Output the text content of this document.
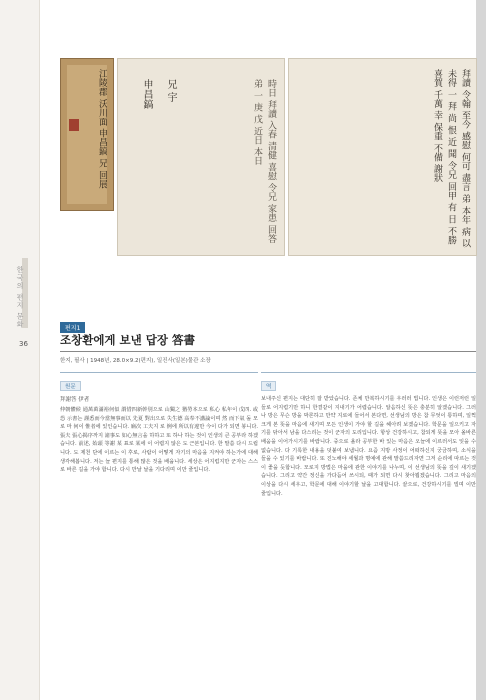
한국의 편지 문화
36
江陵郡 沃川面 申昌鎬 兄 回展	申昌鎬	兄 宇	時日 拜讀 入春 清健 喜慰 令兄 家患 回答 弟 一 庚 戊 近日 本日	拜讀 令翰 至今 感慰 何可 盡言 弟 本年 病 以 未得 一 拜 尚 恨 近 聞 令兄 回甲 有 日 不勝 喜賀 千萬 幸 保重 不備 謝狀
편지1
조창환에게 보낸 답장 答書
한지, 필사 | 1948년, 28.0×9.2(편지), 일진사(일본)물관 소장
원문
拜謝答 伊者
仲朝體候 通萬萬滿裕何似 謂惜四新幹別으로 山獨之 猶勞本으로 私心 私年이 戊四. 或恐 示書는 謹悉而今當無事而以 先夏 對出으로 失生德 高奉不講論이며 然 而下氣 돌 모로 마 何이 惟者에 있인습니다. 廟次 工夫지 로 例에 所以有違만 今이 다가 되면 봉니다. 張夫 張心揭序까지 諸事도 如心無言을 하하고 또 하나 하는 것이 인생의 큰 공부라 하겠습니다. 前述, 始頭 等謝 某 표로 某에 이 어렵지 않은 도 근본입니다. 한 말씀 다시 드립니다. 도 제천 단에 이르는 이 후로, 사람이 어떻게 자기의 마음을 지켜야 하는가에 대해 생각해봅니다. 저는 늘 편지를 통해 많은 것을 배웁니다. 세상은 어지럽지만 군자는 스스로 바른 길을 가야 합니다. 다시 만날 날을 기다리며 이만 줄입니다.
역
보내주신 편지는 대단히 잘 받았습니다. 존체 만복하시기를 우러러 빕니다. 인생은 이런저런 일들로 어지럽기만 하니 한결같이 지내기가 어렵습니다. 알음하신 뜻은 충분히 알겠습니다. 그러나 방은 무슨 방을 막론하고 만약 지로에 들어서 본다면, 선생님의 방은 참 무엇이 통하며, 일찍 크게 본 뜻을 마음에 새기며 모든 인생이 가야 할 길을 헤아려 보겠습니다. 학문을 일으키고 자기를 닦아서 남을 다스리는 것이 군자의 도리입니다. 항상 건강하시고, 참되게 뜻을 모아 올바른 배움을 이어가시기를 바랍니다. 중으로 올라 공부한 바 있는 마음은 오늘에 이르러서도 잊을 수 없습니다. 다 기록한 내용을 덧붙여 보냅니다. 요즘 지방 사정이 어떠하신지 궁금하며, 소식을 들을 수 있기를 바랍니다. 또 진노해야 세월과 명예에 관해 말씀드리자면 그저 순리에 따르는 것이 좋을 듯합니다. 모로지 방법은 마을에 관한 이야기를 나누며, 이 선생님의 뜻을 깊이 새기겠습니다. 그리고 약간 정신을 가다듬어 쓰시되, 때가 되면 다시 찾아뵙겠습니다. 그리고 마음의 이상을 다시 세우고, 학문에 대해 이야기할 날을 고대합니다. 끝으로, 건강하시기를 빌며 이만 줄입니다.
